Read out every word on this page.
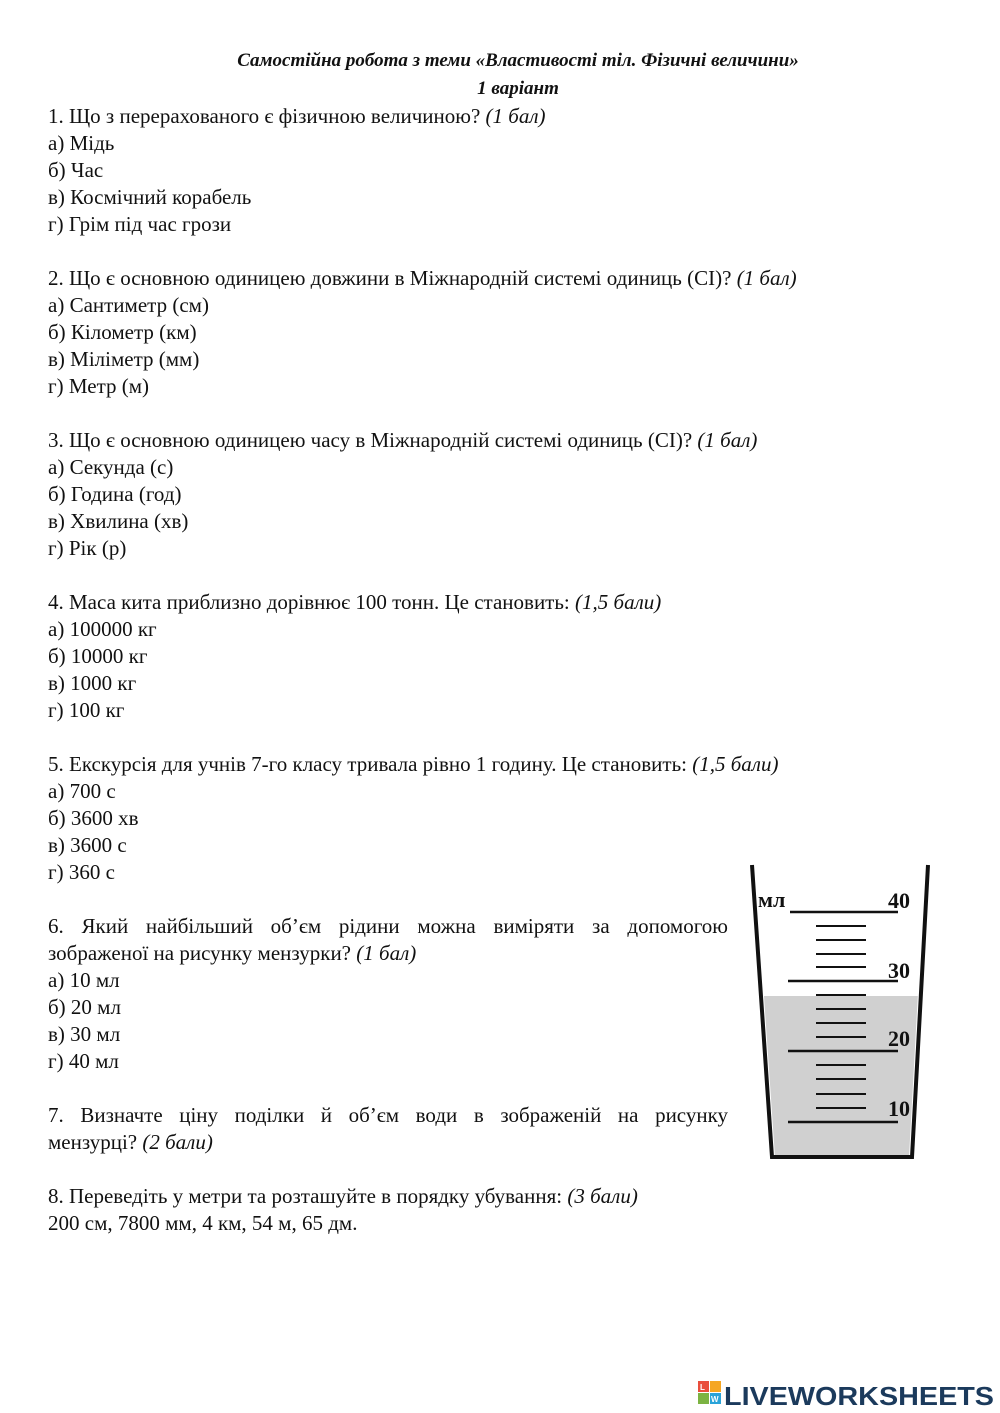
Самостійна робота з теми «Властивості тіл. Фізичні величини»
1 варіант
1. Що з перерахованого є фізичною величиною? (1 бал)
а) Мідь
б) Час
в) Космічний корабель
г) Грім під час грози
2. Що є основною одиницею довжини в Міжнародній системі одиниць (СІ)? (1 бал)
а) Сантиметр (см)
б) Кілометр (км)
в) Міліметр (мм)
г) Метр (м)
3. Що є основною одиницею часу в Міжнародній системі одиниць (СІ)? (1 бал)
а) Секунда (с)
б) Година (год)
в) Хвилина (хв)
г) Рік (р)
4. Маса кита приблизно дорівнює 100 тонн. Це становить: (1,5 бали)
а) 100000 кг
б) 10000 кг
в) 1000 кг
г) 100 кг
5. Екскурсія для учнів 7-го класу тривала рівно 1 годину. Це становить: (1,5 бали)
а) 700 с
б) 3600 хв
в) 3600 с
г) 360 с
6. Який найбільший об’єм рідини можна виміряти за допомогою
зображеної на рисунку мензурки? (1 бал)
а) 10 мл
б) 20 мл
в) 30 мл
г) 40 мл
7. Визначте ціну поділки й об’єм води в зображеній на рисунку
мензурці? (2 бали)
8. Переведіть у метри та розташуйте в порядку убування: (3 бали)
200 см, 7800 мм, 4 км, 54 м, 65 дм.
мл	40
30
20
10
L
W LIVEWORKSHEETS
